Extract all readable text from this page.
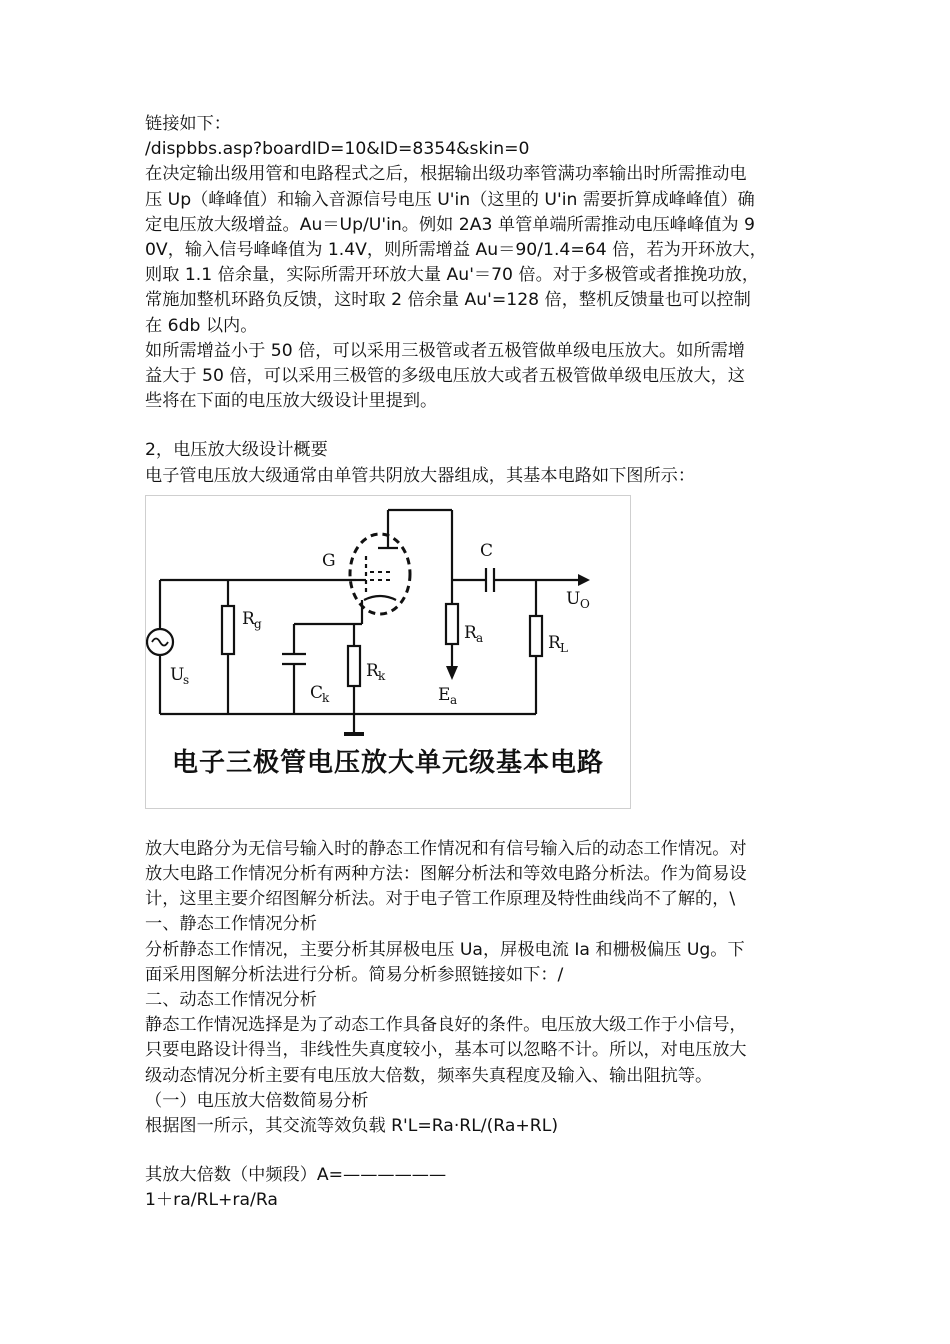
链接如下：
/dispbbs.asp?boardID=10&ID=8354&skin=0
在决定输出级用管和电路程式之后，根据输出级功率管满功率输出时所需推动电
压 Up（峰峰值）和输入音源信号电压 U'in（这里的 U'in 需要折算成峰峰值）确
定电压放大级增益。Au＝Up/U'in。例如 2A3 单管单端所需推动电压峰峰值为 9
0V，输入信号峰峰值为 1.4V，则所需增益 Au＝90/1.4=64 倍，若为开环放大，
则取 1.1 倍余量，实际所需开环放大量 Au'＝70 倍。对于多极管或者推挽功放，
常施加整机环路负反馈，这时取 2 倍余量 Au'=128 倍，整机反馈量也可以控制
在 6db 以内。
如所需增益小于 50 倍，可以采用三极管或者五极管做单级电压放大。如所需增
益大于 50 倍，可以采用三极管的多级电压放大或者五极管做单级电压放大，这
些将在下面的电压放大级设计里提到。
2，电压放大级设计概要
电子管电压放大级通常由单管共阴放大器组成，其基本电路如下图所示：
G	C
U O
R g	R a	R L
R k
C
k
U
s
E a
电子三极管电压放大单元级基本电路
放大电路分为无信号输入时的静态工作情况和有信号输入后的动态工作情况。对
放大电路工作情况分析有两种方法：图解分析法和等效电路分析法。作为简易设
计，这里主要介绍图解分析法。对于电子管工作原理及特性曲线尚不了解的，\
一、静态工作情况分析
分析静态工作情况，主要分析其屏极电压 Ua，屏极电流 Ia 和栅极偏压 Ug。下
面采用图解分析法进行分析。简易分析参照链接如下：/
二、动态工作情况分析
静态工作情况选择是为了动态工作具备良好的条件。电压放大级工作于小信号，
只要电路设计得当，非线性失真度较小，基本可以忽略不计。所以，对电压放大
级动态情况分析主要有电压放大倍数，频率失真程度及输入、输出阻抗等。
（一）电压放大倍数简易分析
根据图一所示，其交流等效负载 R'L=Ra·RL/(Ra+RL)
其放大倍数（中频段）A=——————
1＋ra/RL+ra/Ra
